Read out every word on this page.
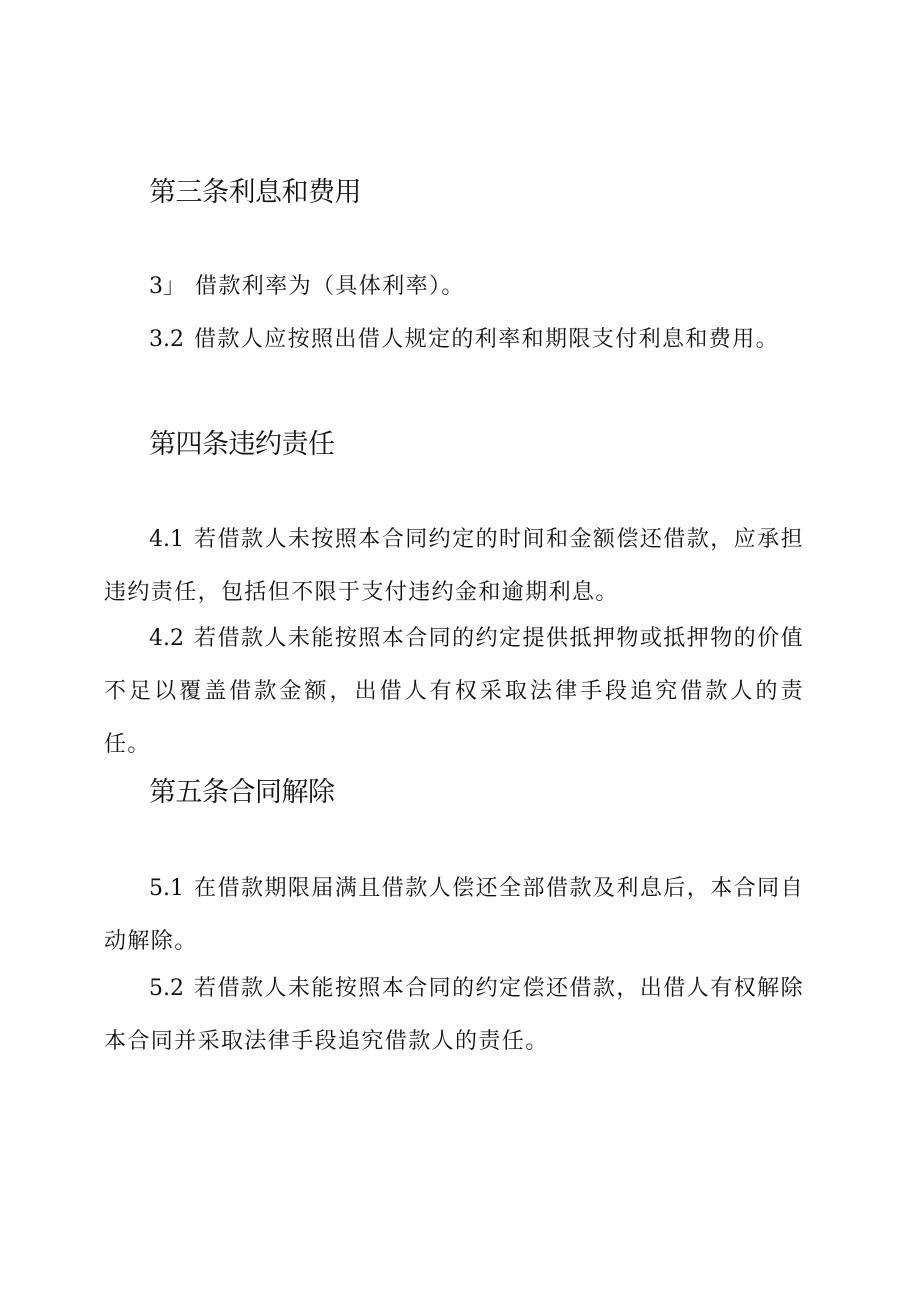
第三条利息和费用

3」 借款利率为（具体利率）。

3.2 借款人应按照出借人规定的利率和期限支付利息和费用。

第四条违约责任

4.1 若借款人未按照本合同约定的时间和金额偿还借款，应承担违约责任，包括但不限于支付违约金和逾期利息。

4.2 若借款人未能按照本合同的约定提供抵押物或抵押物的价值不足以覆盖借款金额，出借人有权采取法律手段追究借款人的责任。

第五条合同解除

5.1 在借款期限届满且借款人偿还全部借款及利息后，本合同自动解除。

5.2 若借款人未能按照本合同的约定偿还借款，出借人有权解除本合同并采取法律手段追究借款人的责任。
